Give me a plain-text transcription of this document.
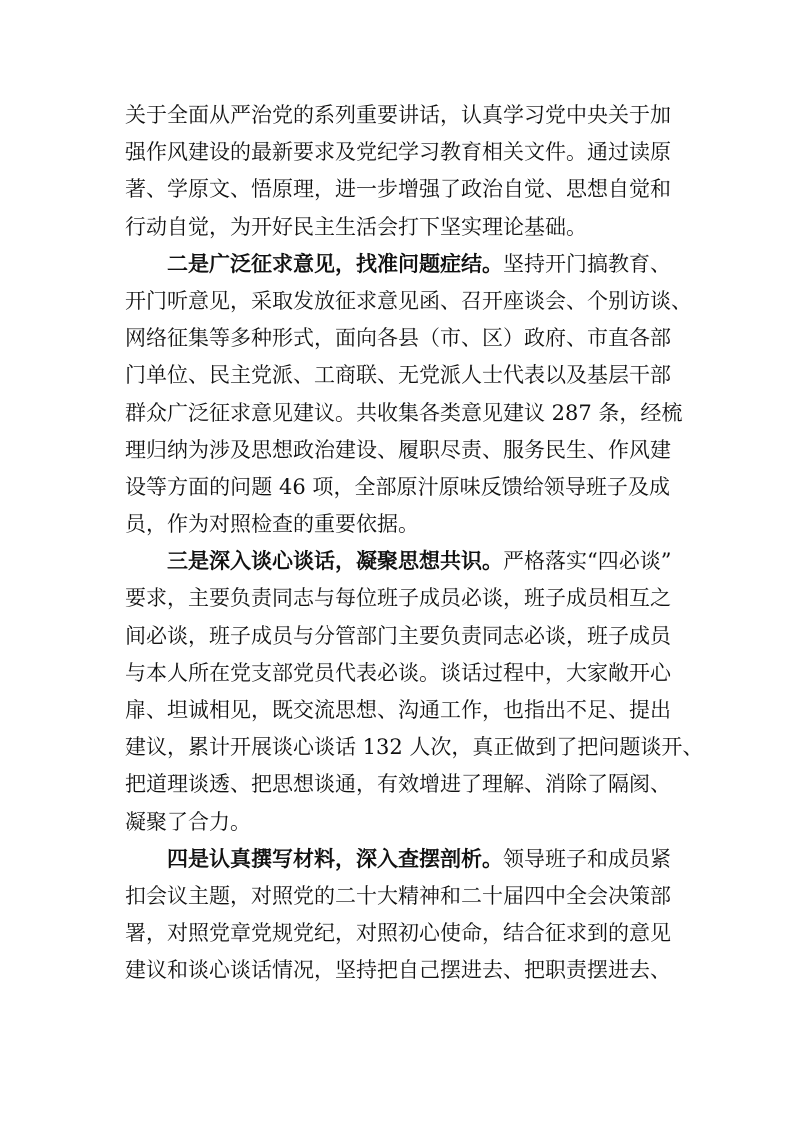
关于全面从严治党的系列重要讲话，认真学习党中央关于加
强作风建设的最新要求及党纪学习教育相关文件。通过读原
著、学原文、悟原理，进一步增强了政治自觉、思想自觉和
行动自觉，为开好民主生活会打下坚实理论基础。
二是广泛征求意见，找准问题症结。坚持开门搞教育、
开门听意见，采取发放征求意见函、召开座谈会、个别访谈、
网络征集等多种形式，面向各县（市、区）政府、市直各部
门单位、民主党派、工商联、无党派人士代表以及基层干部
群众广泛征求意见建议。共收集各类意见建议 287 条，经梳
理归纳为涉及思想政治建设、履职尽责、服务民生、作风建
设等方面的问题 46 项，全部原汁原味反馈给领导班子及成
员，作为对照检查的重要依据。
三是深入谈心谈话，凝聚思想共识。严格落实“四必谈”
要求，主要负责同志与每位班子成员必谈，班子成员相互之
间必谈，班子成员与分管部门主要负责同志必谈，班子成员
与本人所在党支部党员代表必谈。谈话过程中，大家敞开心
扉、坦诚相见，既交流思想、沟通工作，也指出不足、提出
建议，累计开展谈心谈话 132 人次，真正做到了把问题谈开、
把道理谈透、把思想谈通，有效增进了理解、消除了隔阂、
凝聚了合力。
四是认真撰写材料，深入查摆剖析。领导班子和成员紧
扣会议主题，对照党的二十大精神和二十届四中全会决策部
署，对照党章党规党纪，对照初心使命，结合征求到的意见
建议和谈心谈话情况，坚持把自己摆进去、把职责摆进去、
